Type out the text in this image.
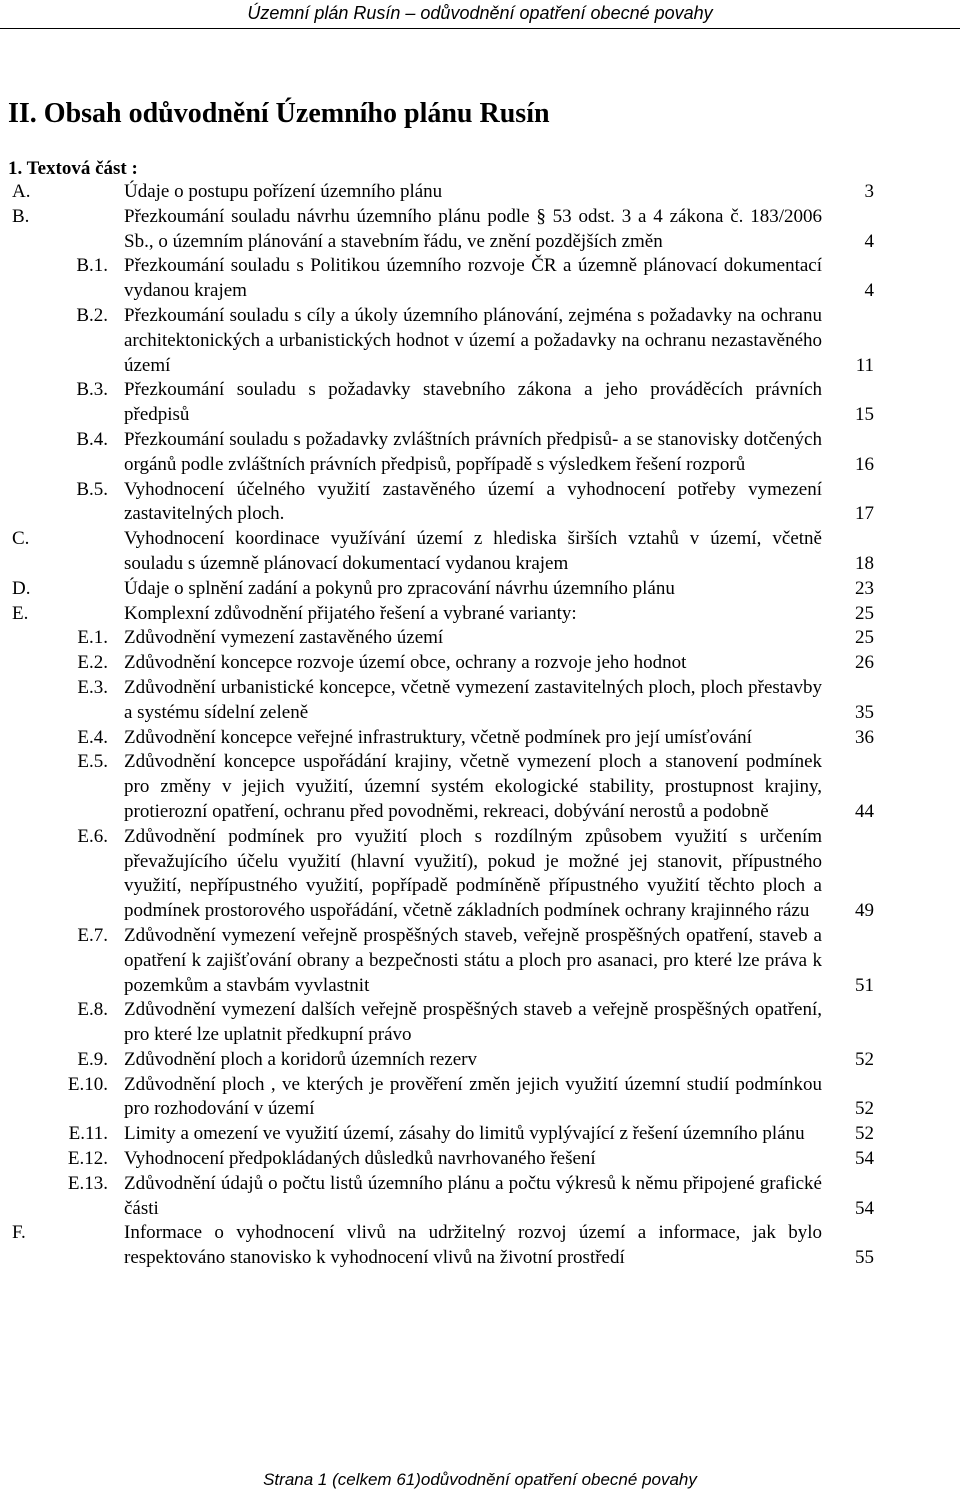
Územní plán Rusín – odůvodnění opatření obecné povahy
II. Obsah odůvodnění Územního plánu Rusín
1. Textová část :
A.	Údaje o postupu pořízení územního plánu	3
B.	Přezkoumání souladu návrhu územního plánu podle § 53 odst. 3 a 4 zákona č. 183/2006 Sb., o územním plánování a stavebním řádu, ve znění pozdějších změn	4
B.1. Přezkoumání souladu s Politikou územního rozvoje ČR a územně plánovací dokumentací vydanou krajem	4
B.2. Přezkoumání souladu s cíly a úkoly územního plánování, zejména s požadavky na ochranu architektonických a urbanistických hodnot v území a požadavky na ochranu nezastavěného území	11
B.3. Přezkoumání souladu s požadavky stavebního zákona a jeho prováděcích právních předpisů	15
B.4. Přezkoumání souladu s požadavky zvláštních právních předpisů- a se stanovisky dotčených orgánů podle zvláštních právních předpisů, popřípadě s výsledkem řešení rozporů	16
B.5. Vyhodnocení účelného využití zastavěného území a vyhodnocení potřeby vymezení zastavitelných ploch.	17
C.	Vyhodnocení koordinace využívání území z hlediska širších vztahů v území, včetně souladu s územně plánovací dokumentací vydanou krajem	18
D.	Údaje o splnění zadání a pokynů pro zpracování návrhu územního plánu	23
E.	Komplexní zdůvodnění přijatého řešení a vybrané varianty:	25
E.1. Zdůvodnění vymezení zastavěného území	25
E.2. Zdůvodnění koncepce rozvoje území obce, ochrany a rozvoje jeho hodnot	26
E.3. Zdůvodnění urbanistické koncepce, včetně vymezení zastavitelných ploch, ploch přestavby a systému sídelní zeleně	35
E.4. Zdůvodnění koncepce veřejné infrastruktury, včetně podmínek pro její umísťování	36
E.5. Zdůvodnění koncepce uspořádání krajiny, včetně vymezení ploch a stanovení podmínek pro změny v jejich využití, územní systém ekologické stability, prostupnost krajiny, protierozní opatření, ochranu před povodněmi, rekreaci, dobývání nerostů a podobně	44
E.6. Zdůvodnění podmínek pro využití ploch s rozdílným způsobem využití s určením převažujícího účelu využití (hlavní využití), pokud je možné jej stanovit, přípustného využití, nepřípustného využití, popřípadě podmíněně přípustného využití těchto ploch a podmínek prostorového uspořádání, včetně základních podmínek ochrany krajinného rázu	49
E.7. Zdůvodnění vymezení veřejně prospěšných staveb, veřejně prospěšných opatření, staveb a opatření k zajišťování obrany a bezpečnosti státu a ploch pro asanaci, pro které lze práva k pozemkům a stavbám vyvlastnit	51
E.8. Zdůvodnění vymezení dalších veřejně prospěšných staveb a veřejně prospěšných opatření, pro které lze uplatnit předkupní právo
E.9. Zdůvodnění ploch a koridorů územních rezerv	52
E.10. Zdůvodnění ploch , ve kterých je prověření změn jejich využití územní studií podmínkou pro rozhodování v území	52
E.11. Limity a omezení ve využití území, zásahy do limitů vyplývající z řešení územního plánu	52
E.12. Vyhodnocení předpokládaných důsledků navrhovaného řešení	54
E.13. Zdůvodnění údajů o počtu listů územního plánu a počtu výkresů k němu připojené grafické části	54
F.	Informace o vyhodnocení vlivů na udržitelný rozvoj území a informace, jak bylo respektováno stanovisko k vyhodnocení vlivů na životní prostředí	55
Strana 1 (celkem 61)odůvodnění opatření obecné povahy
